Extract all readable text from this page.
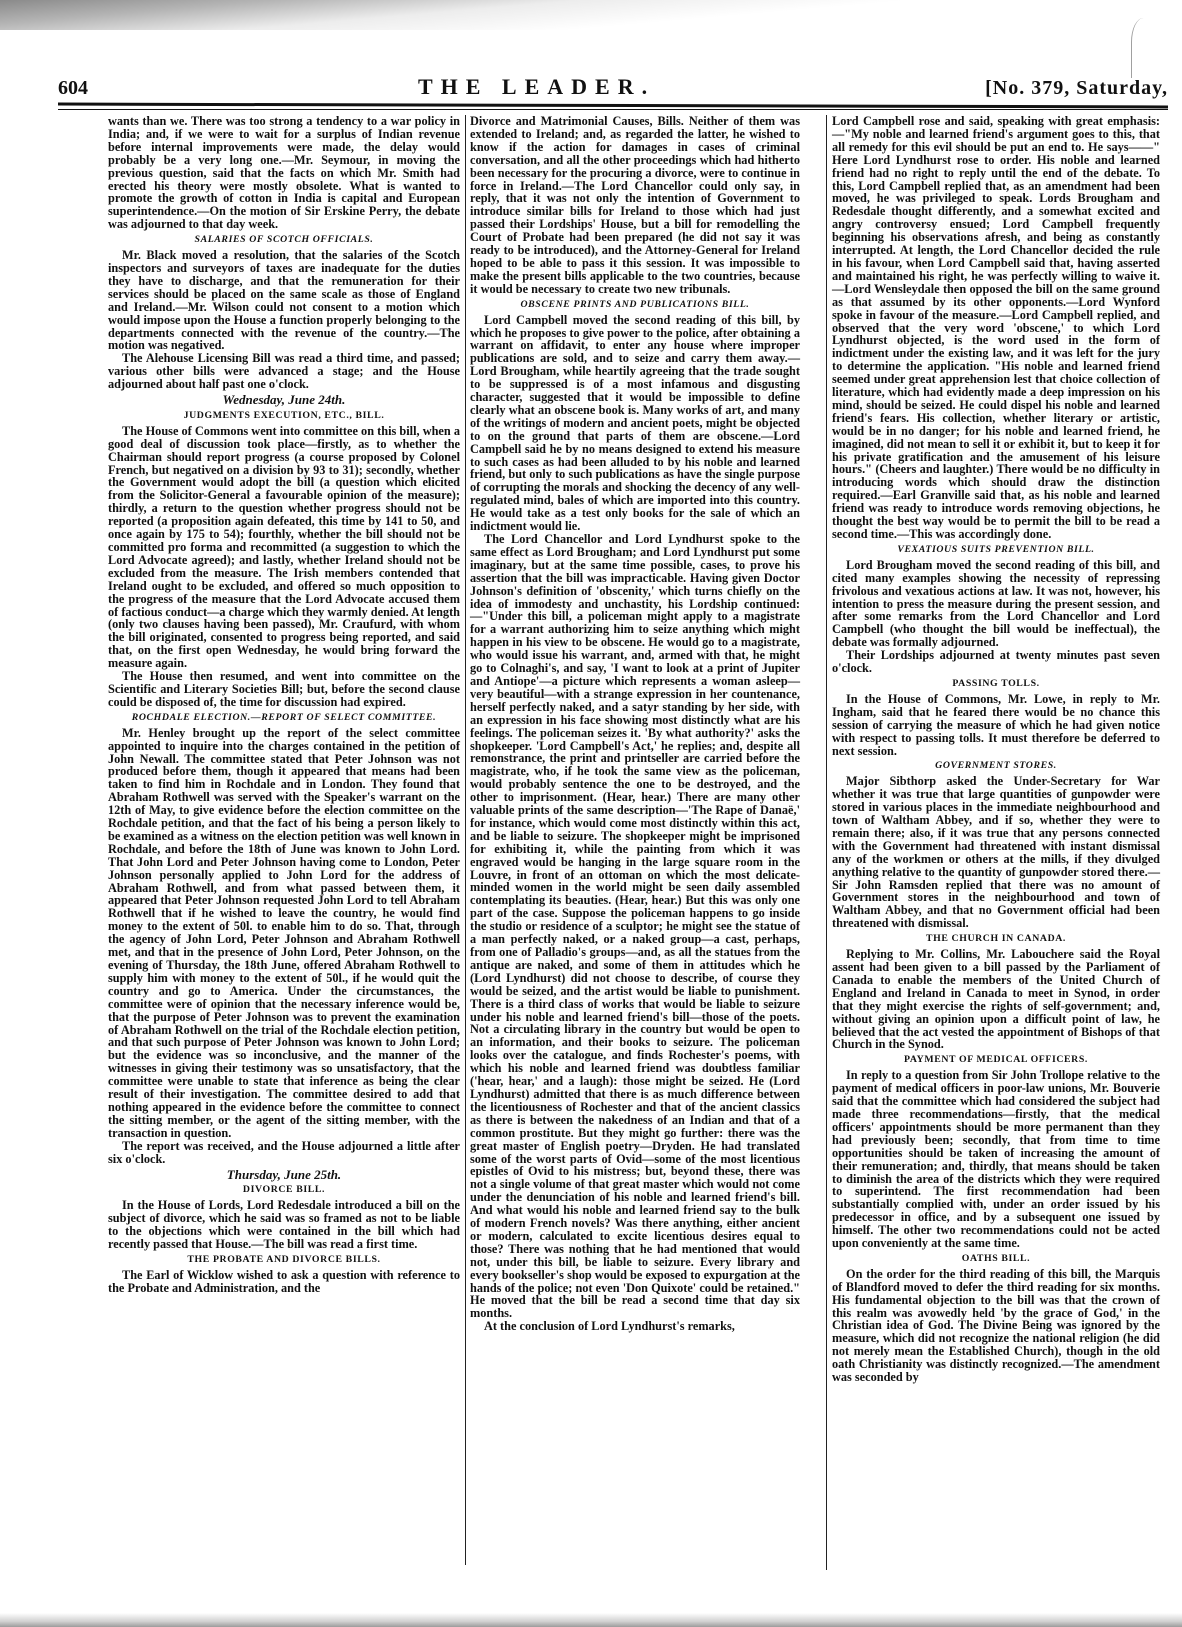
604	THE LEADER.	[No. 379, Saturday,

wants than we. There was too strong a tendency to a war policy in India; and, if we were to wait for a surplus of Indian revenue before internal improvements were made, the delay would probably be a very long one.—Mr. Seymour, in moving the previous question, said that the facts on which Mr. Smith had erected his theory were mostly obsolete. What is wanted to promote the growth of cotton in India is capital and European superintendence.—On the motion of Sir Erskine Perry, the debate was adjourned to that day week.

SALARIES OF SCOTCH OFFICIALS.

Mr. Black moved a resolution, that the salaries of the Scotch inspectors and surveyors of taxes are inadequate for the duties they have to discharge, and that the remuneration for their services should be placed on the same scale as those of England and Ireland.—Mr. Wilson could not consent to a motion which would impose upon the House a function properly belonging to the departments connected with the revenue of the country.—The motion was negatived.

The Alehouse Licensing Bill was read a third time, and passed; various other bills were advanced a stage; and the House adjourned about half past one o'clock.

Wednesday, June 24th.
JUDGMENTS EXECUTION, ETC., BILL.

The House of Commons went into committee on this bill, when a good deal of discussion took place—firstly, as to whether the Chairman should report progress (a course proposed by Colonel French, but negatived on a division by 93 to 31); secondly, whether the Government would adopt the bill (a question which elicited from the Solicitor-General a favourable opinion of the measure); thirdly, a return to the question whether progress should not be reported (a proposition again defeated, this time by 141 to 50, and once again by 175 to 54); fourthly, whether the bill should not be committed pro forma and recommitted (a suggestion to which the Lord Advocate agreed); and lastly, whether Ireland should not be excluded from the measure. The Irish members contended that Ireland ought to be excluded, and offered so much opposition to the progress of the measure that the Lord Advocate accused them of factious conduct—a charge which they warmly denied. At length (only two clauses having been passed), Mr. Craufurd, with whom the bill originated, consented to progress being reported, and said that, on the first open Wednesday, he would bring forward the measure again.

The House then resumed, and went into committee on the Scientific and Literary Societies Bill; but, before the second clause could be disposed of, the time for discussion had expired.

ROCHDALE ELECTION.—REPORT OF SELECT COMMITTEE.

Mr. Henley brought up the report of the select committee appointed to inquire into the charges contained in the petition of John Newall. The committee stated that Peter Johnson was not produced before them, though it appeared that means had been taken to find him in Rochdale and in London. They found that Abraham Rothwell was served with the Speaker's warrant on the 12th of May, to give evidence before the election committee on the Rochdale petition, and that the fact of his being a person likely to be examined as a witness on the election petition was well known in Rochdale, and before the 18th of June was known to John Lord. That John Lord and Peter Johnson having come to London, Peter Johnson personally applied to John Lord for the address of Abraham Rothwell, and from what passed between them, it appeared that Peter Johnson requested John Lord to tell Abraham Rothwell that if he wished to leave the country, he would find money to the extent of 50l. to enable him to do so. That, through the agency of John Lord, Peter Johnson and Abraham Rothwell met, and that in the presence of John Lord, Peter Johnson, on the evening of Thursday, the 18th June, offered Abraham Rothwell to supply him with money to the extent of 50l., if he would quit the country and go to America. Under the circumstances, the committee were of opinion that the necessary inference would be, that the purpose of Peter Johnson was to prevent the examination of Abraham Rothwell on the trial of the Rochdale election petition, and that such purpose of Peter Johnson was known to John Lord; but the evidence was so inconclusive, and the manner of the witnesses in giving their testimony was so unsatisfactory, that the committee were unable to state that inference as being the clear result of their investigation. The committee desired to add that nothing appeared in the evidence before the committee to connect the sitting member, or the agent of the sitting member, with the transaction in question.

The report was received, and the House adjourned a little after six o'clock.

Thursday, June 25th.
DIVORCE BILL.

In the House of Lords, Lord Redesdale introduced a bill on the subject of divorce, which he said was so framed as not to be liable to the objections which were contained in the bill which had recently passed that House.—The bill was read a first time.

THE PROBATE AND DIVORCE BILLS.

The Earl of Wicklow wished to ask a question with reference to the Probate and Administration, and the

Divorce and Matrimonial Causes, Bills. Neither of them was extended to Ireland; and, as regarded the latter, he wished to know if the action for damages in cases of criminal conversation, and all the other proceedings which had hitherto been necessary for the procuring a divorce, were to continue in force in Ireland.—The Lord Chancellor could only say, in reply, that it was not only the intention of Government to introduce similar bills for Ireland to those which had just passed their Lordships' House, but a bill for remodelling the Court of Probate had been prepared (he did not say it was ready to be introduced), and the Attorney-General for Ireland hoped to be able to pass it this session. It was impossible to make the present bills applicable to the two countries, because it would be necessary to create two new tribunals.

OBSCENE PRINTS AND PUBLICATIONS BILL.

Lord Campbell moved the second reading of this bill, by which he proposes to give power to the police, after obtaining a warrant on affidavit, to enter any house where improper publications are sold, and to seize and carry them away.—Lord Brougham, while heartily agreeing that the trade sought to be suppressed is of a most infamous and disgusting character, suggested that it would be impossible to define clearly what an obscene book is. Many works of art, and many of the writings of modern and ancient poets, might be objected to on the ground that parts of them are obscene.—Lord Campbell said he by no means designed to extend his measure to such cases as had been alluded to by his noble and learned friend, but only to such publications as have the single purpose of corrupting the morals and shocking the decency of any well-regulated mind, bales of which are imported into this country. He would take as a test only books for the sale of which an indictment would lie.

The Lord Chancellor and Lord Lyndhurst spoke to the same effect as Lord Brougham; and Lord Lyndhurst put some imaginary, but at the same time possible, cases, to prove his assertion that the bill was impracticable. Having given Doctor Johnson's definition of 'obscenity,' which turns chiefly on the idea of immodesty and unchastity, his Lordship continued:—"Under this bill, a policeman might apply to a magistrate for a warrant authorizing him to seize anything which might happen in his view to be obscene. He would go to a magistrate, who would issue his warrant, and, armed with that, he might go to Colnaghi's, and say, 'I want to look at a print of Jupiter and Antiope'—a picture which represents a woman asleep—very beautiful—with a strange expression in her countenance, herself perfectly naked, and a satyr standing by her side, with an expression in his face showing most distinctly what are his feelings. The policeman seizes it. 'By what authority?' asks the shopkeeper. 'Lord Campbell's Act,' he replies; and, despite all remonstrance, the print and printseller are carried before the magistrate, who, if he took the same view as the policeman, would probably sentence the one to be destroyed, and the other to imprisonment. (Hear, hear.) There are many other valuable prints of the same description—'The Rape of Danaë,' for instance, which would come most distinctly within this act, and be liable to seizure. The shopkeeper might be imprisoned for exhibiting it, while the painting from which it was engraved would be hanging in the large square room in the Louvre, in front of an ottoman on which the most delicate-minded women in the world might be seen daily assembled contemplating its beauties. (Hear, hear.) But this was only one part of the case. Suppose the policeman happens to go inside the studio or residence of a sculptor; he might see the statue of a man perfectly naked, or a naked group—a cast, perhaps, from one of Palladio's groups—and, as all the statues from the antique are naked, and some of them in attitudes which he (Lord Lyndhurst) did not choose to describe, of course they would be seized, and the artist would be liable to punishment. There is a third class of works that would be liable to seizure under his noble and learned friend's bill—those of the poets. Not a circulating library in the country but would be open to an information, and their books to seizure. The policeman looks over the catalogue, and finds Rochester's poems, with which his noble and learned friend was doubtless familiar ('hear, hear,' and a laugh): those might be seized. He (Lord Lyndhurst) admitted that there is as much difference between the licentiousness of Rochester and that of the ancient classics as there is between the nakedness of an Indian and that of a common prostitute. But they might go further: there was the great master of English poetry—Dryden. He had translated some of the worst parts of Ovid—some of the most licentious epistles of Ovid to his mistress; but, beyond these, there was not a single volume of that great master which would not come under the denunciation of his noble and learned friend's bill. And what would his noble and learned friend say to the bulk of modern French novels? Was there anything, either ancient or modern, calculated to excite licentious desires equal to those? There was nothing that he had mentioned that would not, under this bill, be liable to seizure. Every library and every bookseller's shop would be exposed to expurgation at the hands of the police; not even 'Don Quixote' could be retained." He moved that the bill be read a second time that day six months.

At the conclusion of Lord Lyndhurst's remarks,

Lord Campbell rose and said, speaking with great emphasis:—"My noble and learned friend's argument goes to this, that all remedy for this evil should be put an end to. He says——" Here Lord Lyndhurst rose to order. His noble and learned friend had no right to reply until the end of the debate. To this, Lord Campbell replied that, as an amendment had been moved, he was privileged to speak. Lords Brougham and Redesdale thought differently, and a somewhat excited and angry controversy ensued; Lord Campbell frequently beginning his observations afresh, and being as constantly interrupted. At length, the Lord Chancellor decided the rule in his favour, when Lord Campbell said that, having asserted and maintained his right, he was perfectly willing to waive it.—Lord Wensleydale then opposed the bill on the same ground as that assumed by its other opponents.—Lord Wynford spoke in favour of the measure.—Lord Campbell replied, and observed that the very word 'obscene,' to which Lord Lyndhurst objected, is the word used in the form of indictment under the existing law, and it was left for the jury to determine the application. "His noble and learned friend seemed under great apprehension lest that choice collection of literature, which had evidently made a deep impression on his mind, should be seized. He could dispel his noble and learned friend's fears. His collection, whether literary or artistic, would be in no danger; for his noble and learned friend, he imagined, did not mean to sell it or exhibit it, but to keep it for his private gratification and the amusement of his leisure hours." (Cheers and laughter.) There would be no difficulty in introducing words which should draw the distinction required.—Earl Granville said that, as his noble and learned friend was ready to introduce words removing objections, he thought the best way would be to permit the bill to be read a second time.—This was accordingly done.

VEXATIOUS SUITS PREVENTION BILL.

Lord Brougham moved the second reading of this bill, and cited many examples showing the necessity of repressing frivolous and vexatious actions at law. It was not, however, his intention to press the measure during the present session, and after some remarks from the Lord Chancellor and Lord Campbell (who thought the bill would be ineffectual), the debate was formally adjourned.

Their Lordships adjourned at twenty minutes past seven o'clock.

PASSING TOLLS.

In the House of Commons, Mr. Lowe, in reply to Mr. Ingham, said that he feared there would be no chance this session of carrying the measure of which he had given notice with respect to passing tolls. It must therefore be deferred to next session.

GOVERNMENT STORES.

Major Sibthorp asked the Under-Secretary for War whether it was true that large quantities of gunpowder were stored in various places in the immediate neighbourhood and town of Waltham Abbey, and if so, whether they were to remain there; also, if it was true that any persons connected with the Government had threatened with instant dismissal any of the workmen or others at the mills, if they divulged anything relative to the quantity of gunpowder stored there.—Sir John Ramsden replied that there was no amount of Government stores in the neighbourhood and town of Waltham Abbey, and that no Government official had been threatened with dismissal.

THE CHURCH IN CANADA.

Replying to Mr. Collins, Mr. Labouchere said the Royal assent had been given to a bill passed by the Parliament of Canada to enable the members of the United Church of England and Ireland in Canada to meet in Synod, in order that they might exercise the rights of self-government; and, without giving an opinion upon a difficult point of law, he believed that the act vested the appointment of Bishops of that Church in the Synod.

PAYMENT OF MEDICAL OFFICERS.

In reply to a question from Sir John Trollope relative to the payment of medical officers in poor-law unions, Mr. Bouverie said that the committee which had considered the subject had made three recommendations—firstly, that the medical officers' appointments should be more permanent than they had previously been; secondly, that from time to time opportunities should be taken of increasing the amount of their remuneration; and, thirdly, that means should be taken to diminish the area of the districts which they were required to superintend. The first recommendation had been substantially complied with, under an order issued by his predecessor in office, and by a subsequent one issued by himself. The other two recommendations could not be acted upon conveniently at the same time.

OATHS BILL.

On the order for the third reading of this bill, the Marquis of Blandford moved to defer the third reading for six months. His fundamental objection to the bill was that the crown of this realm was avowedly held 'by the grace of God,' in the Christian idea of God. The Divine Being was ignored by the measure, which did not recognize the national religion (he did not merely mean the Established Church), though in the old oath Christianity was distinctly recognized.—The amendment was seconded by
